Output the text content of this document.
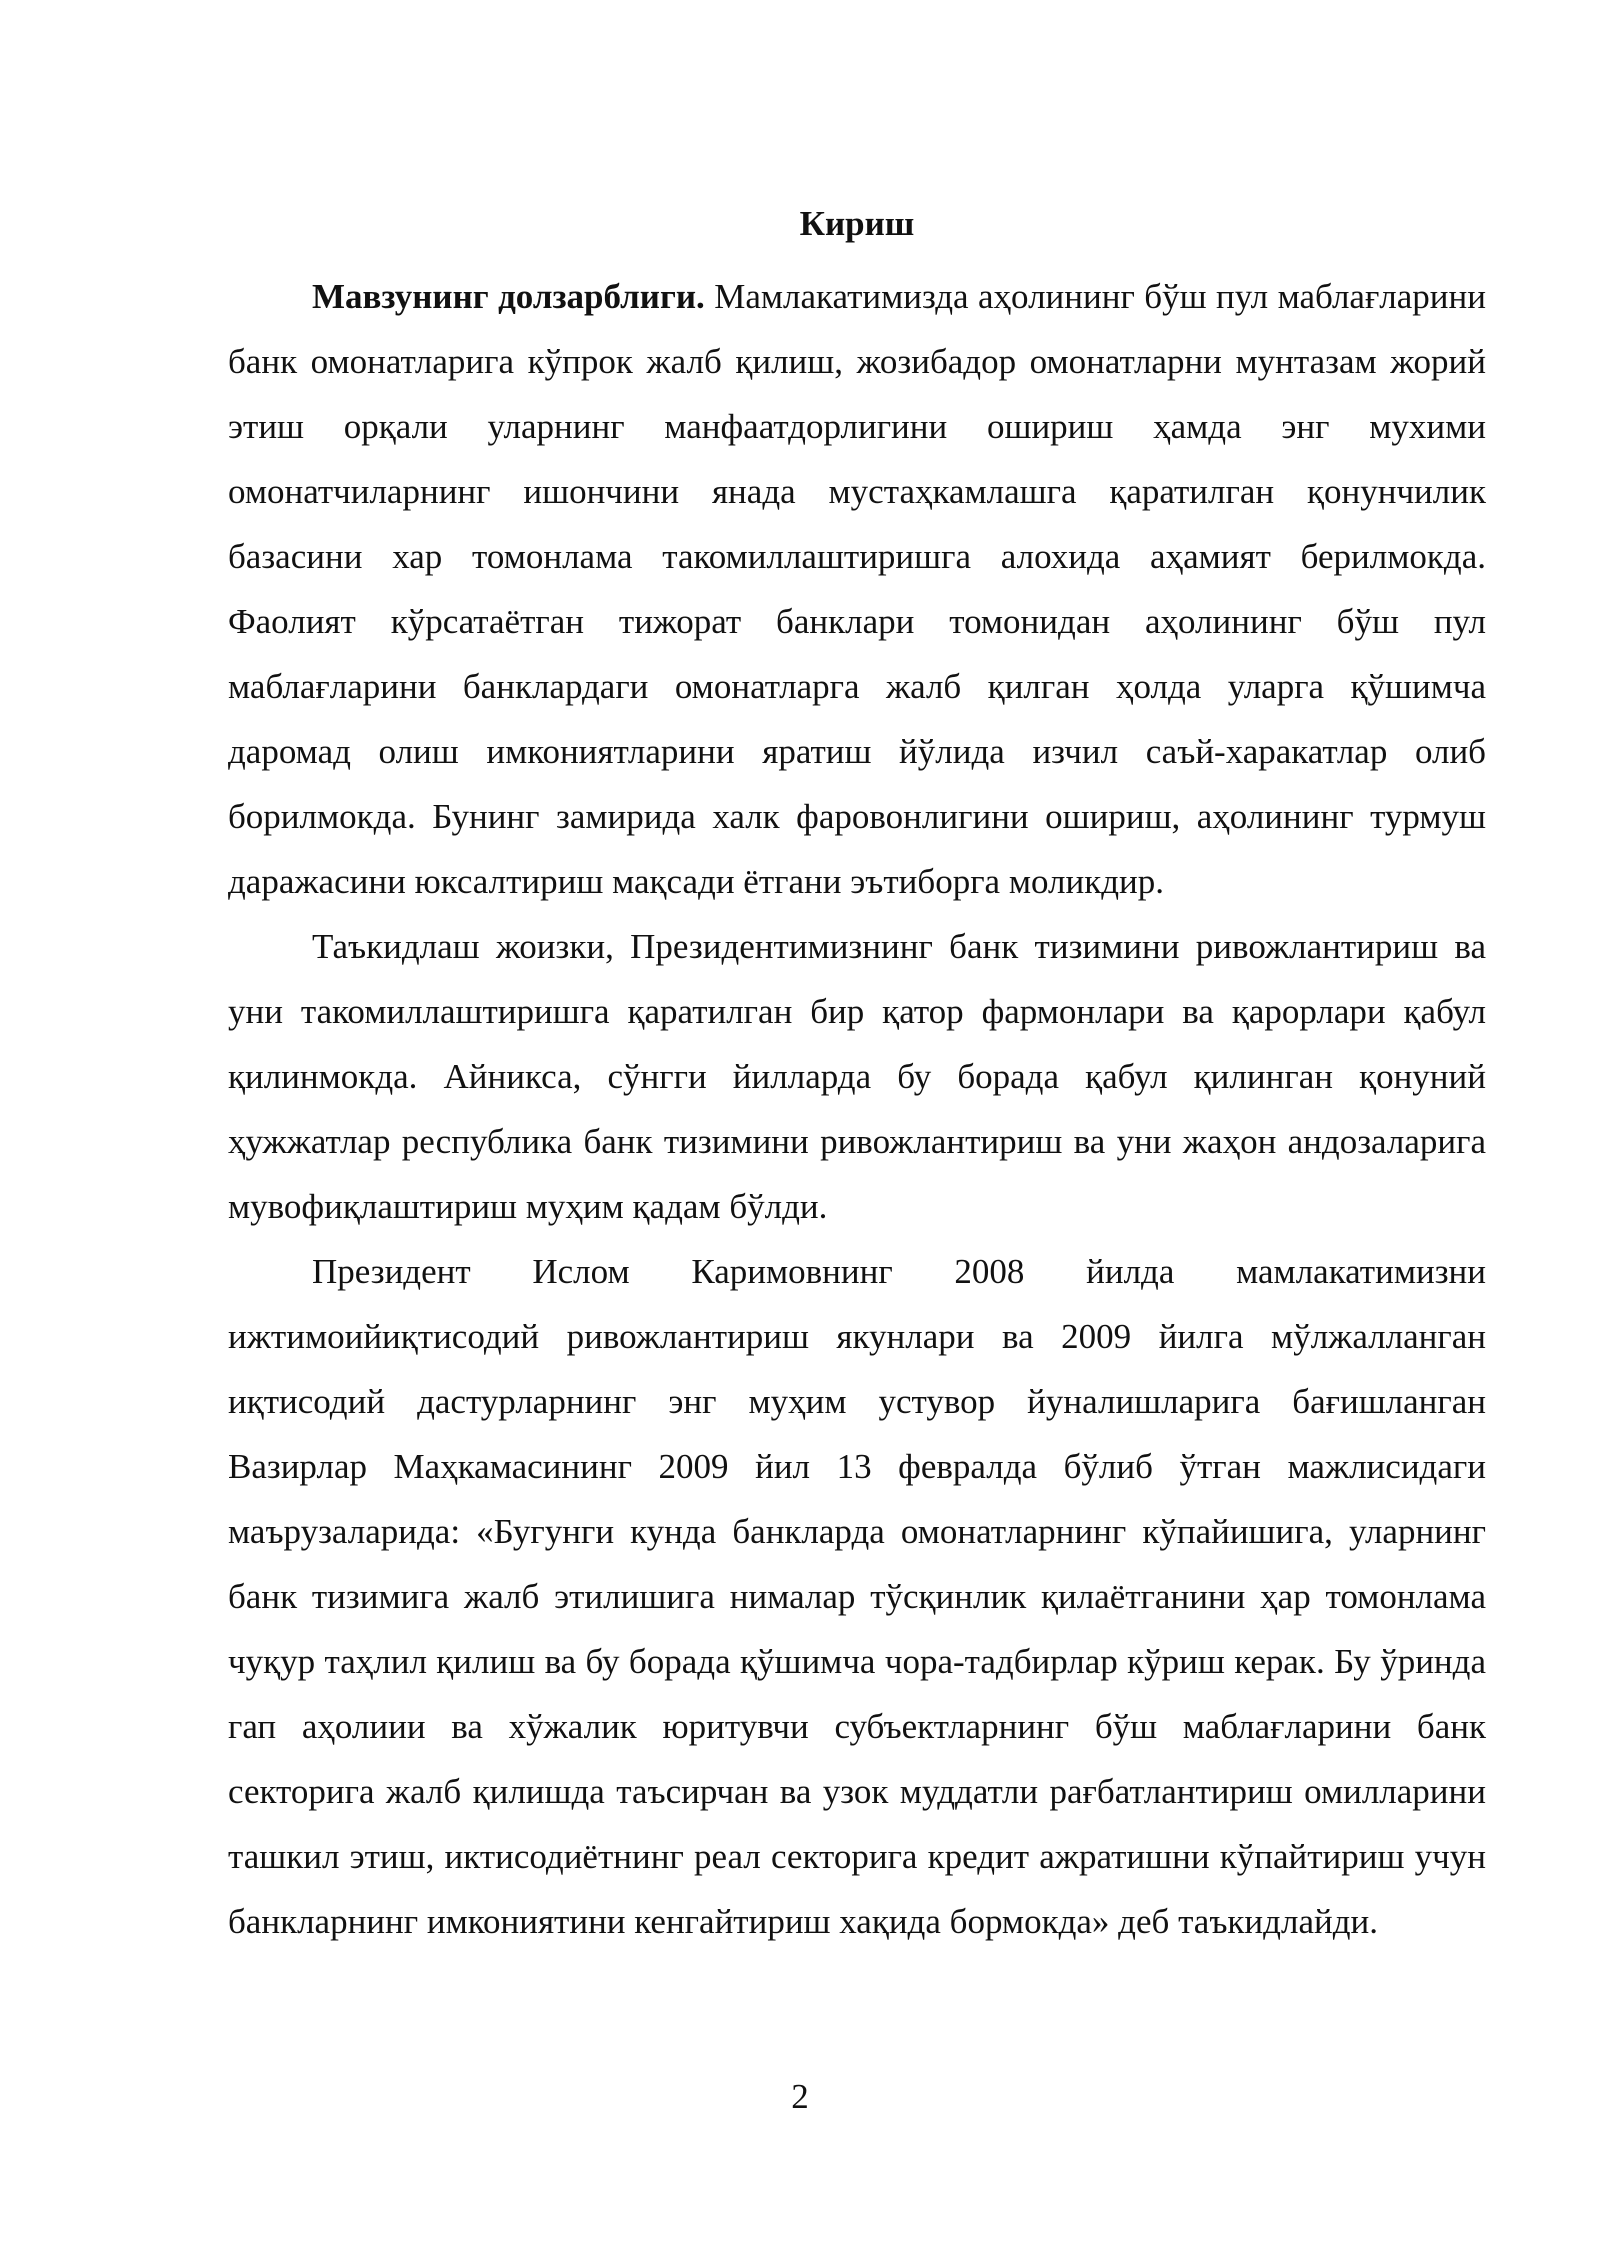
Кириш

Мавзунинг долзарблиги. Мамлакатимизда аҳолининг бўш пул маблағларини банк омонатларига кўпрок жалб қилиш, жозибадор омонатларни мунтазам жорий этиш орқали уларнинг манфаатдорлигини ошириш ҳамда энг мухими омонатчиларнинг ишончини янада мустаҳкамлашга қаратилган қонунчилик базасини хар томонлама такомиллаштиришга алохида аҳамият берилмокда. Фаолият кўрсатаётган тижорат банклари томонидан аҳолининг бўш пул маблағларини банклардаги омонатларга жалб қилган ҳолда уларга қўшимча даромад олиш имкониятларини яратиш йўлида изчил саъй-харакатлар олиб борилмокда. Бунинг замирида халк фаровонлигини ошириш, аҳолининг турмуш даражасини юксалтириш мақсади ётгани эътиборга моликдир.

Таъкидлаш жоизки, Президентимизнинг банк тизимини ривожлантириш ва уни такомиллаштиришга қаратилган бир қатор фармонлари ва қарорлари қабул қилинмокда. Айникса, сўнгги йилларда бу борада қабул қилинган қонуний ҳужжатлар республика банк тизимини ривожлантириш ва уни жаҳон андозаларига мувофиқлаштириш муҳим қадам бўлди.

Президент Ислом Каримовнинг 2008 йилда мамлакатимизни ижтимоийиқтисодий ривожлантириш якунлари ва 2009 йилга мўлжалланган иқтисодий дастурларнинг энг муҳим устувор йуналишларига бағишланган Вазирлар Маҳкамасининг 2009 йил 13 февралда бўлиб ўтган мажлисидаги маърузаларида: «Бугунги кунда банкларда омонатларнинг кўпайишига, уларнинг банк тизимига жалб этилишига нималар тўсқинлик қилаётганини ҳар томонлама чуқур таҳлил қилиш ва бу борада қўшимча чора-тадбирлар кўриш керак. Бу ўринда гап аҳолиии ва хўжалик юритувчи субъектларнинг бўш маблағларини банк секторига жалб қилишда таъсирчан ва узок муддатли рағбатлантириш омилларини ташкил этиш, иктисодиётнинг реал секторига кредит ажратишни кўпайтириш учун банкларнинг имкониятини кенгайтириш хақида бормокда» деб таъкидлайди.

2
